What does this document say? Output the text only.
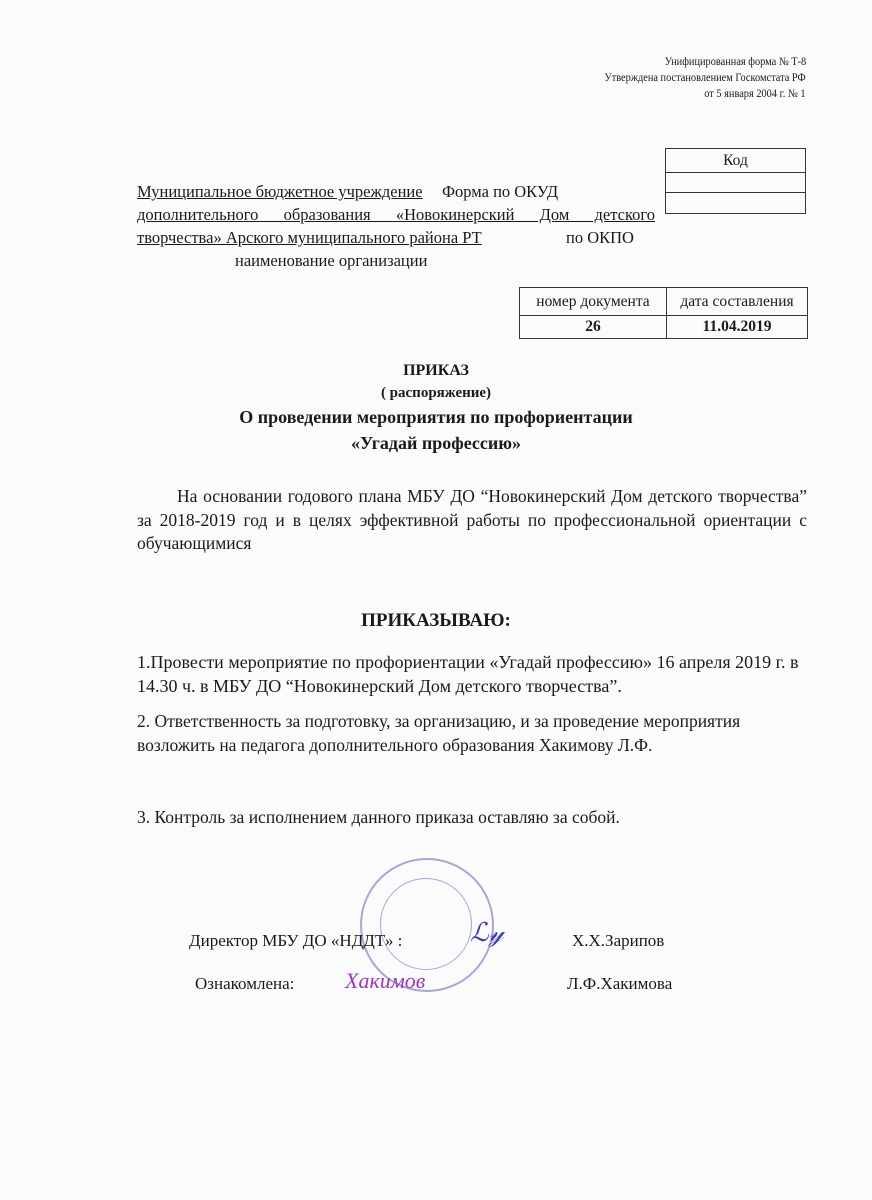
Унифицированная форма № Т-8
Утверждена постановлением Госкомстата РФ
от 5 января 2004 г. № 1
Код

Муниципальное бюджетное учреждение Форма по ОКУД
дополнительного образования «Новокинерский Дом детского
творчества» Арского муниципального района РТ	по ОКПО
наименование организации
номер документа	дата составления
26	11.04.2019
ПРИКАЗ
( распоряжение)
О проведении мероприятия по профориентации
«Угадай профессию»
На основании годового плана МБУ ДО “Новокинерский Дом детского творчества” за 2018-2019 год и в целях эффективной работы по профессиональной ориентации с обучающимися
ПРИКАЗЫВАЮ:
1.Провести мероприятие по профориентации «Угадай профессию» 16 апреля 2019 г. в 14.30 ч. в МБУ ДО “Новокинерский Дом детского творчества”.
2. Ответственность за подготовку, за организацию, и за проведение мероприятия возложить на педагога дополнительного образования Хакимову Л.Ф.
3. Контроль за исполнением данного приказа оставляю за собой.
Директор МБУ ДО «НДДТ» :	ℒ𝓎	Х.Х.Зарипов
Ознакомлена: Хакимов	Л.Ф.Хакимова
